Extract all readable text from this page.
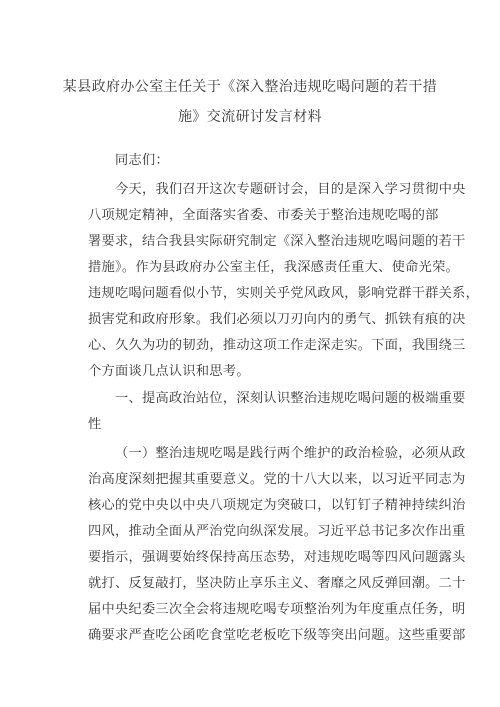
某县政府办公室主任关于《深入整治违规吃喝问题的若干措
施》交流研讨发言材料
同志们：
今天，我们召开这次专题研讨会，目的是深入学习贯彻中央
八项规定精神，全面落实省委、市委关于整治违规吃喝的部
署要求，结合我县实际研究制定《深入整治违规吃喝问题的若干
措施》。作为县政府办公室主任，我深感责任重大、使命光荣。
违规吃喝问题看似小节，实则关乎党风政风，影响党群干群关系，
损害党和政府形象。我们必须以刀刃向内的勇气、抓铁有痕的决
心、久久为功的韧劲，推动这项工作走深走实。下面，我围绕三
个方面谈几点认识和思考。
一、提高政治站位，深刻认识整治违规吃喝问题的极端重要
性
（一）整治违规吃喝是践行两个维护的政治检验，必须从政
治高度深刻把握其重要意义。党的十八大以来，以习近平同志为
核心的党中央以中央八项规定为突破口，以钉钉子精神持续纠治
四风，推动全面从严治党向纵深发展。习近平总书记多次作出重
要指示，强调要始终保持高压态势，对违规吃喝等四风问题露头
就打、反复敲打，坚决防止享乐主义、奢靡之风反弹回潮。二十
届中央纪委三次全会将违规吃喝专项整治列为年度重点任务，明
确要求严查吃公函吃食堂吃老板吃下级等突出问题。这些重要部
